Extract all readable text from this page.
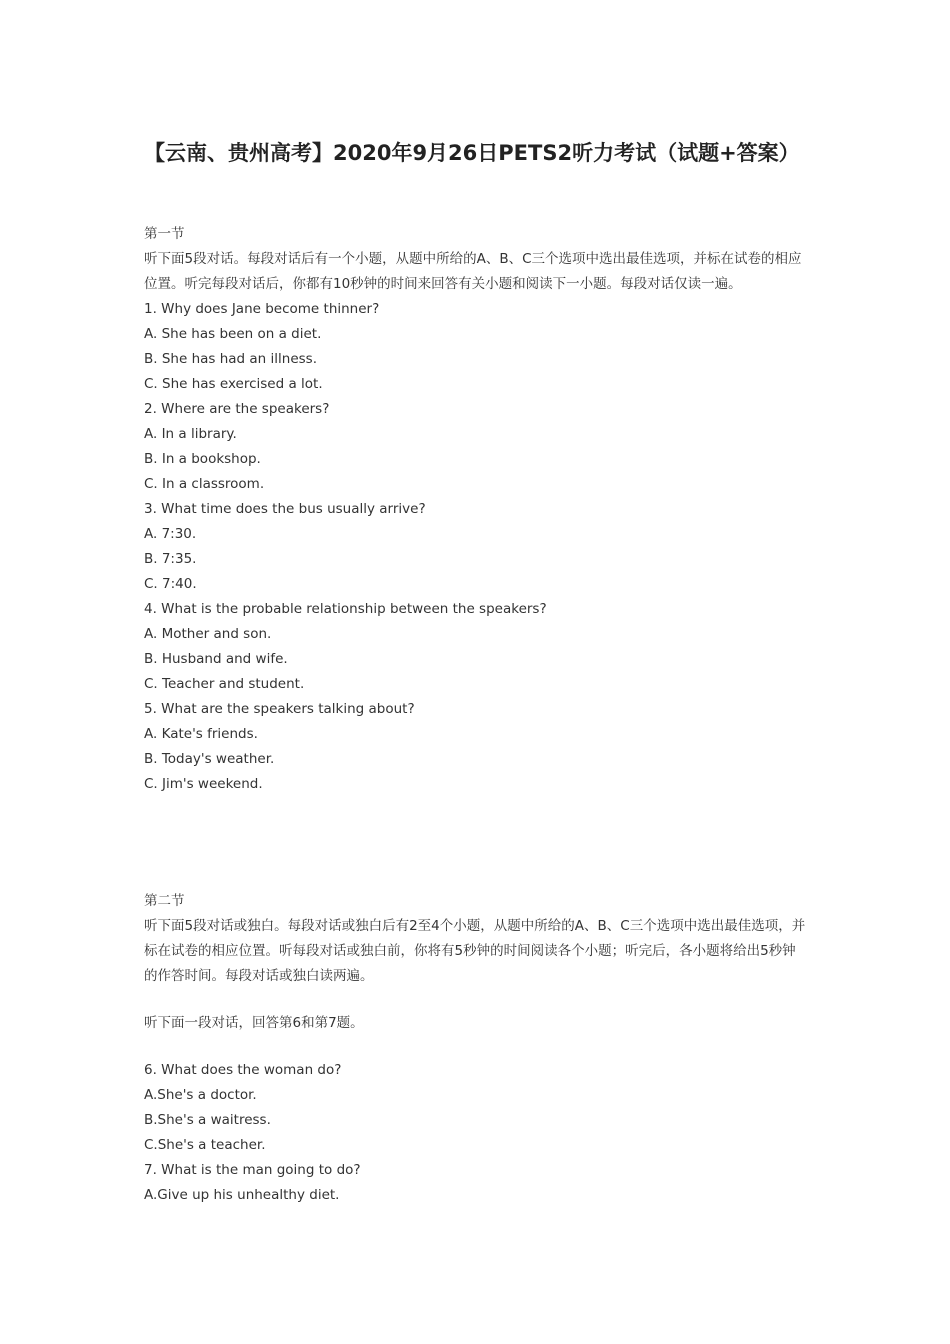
【云南、贵州高考】2020年9月26日PETS2听力考试（试题+答案）
第一节
听下面5段对话。每段对话后有一个小题，从题中所给的A、B、C三个选项中选出最佳选项，并标在试卷的相应位置。听完每段对话后，你都有10秒钟的时间来回答有关小题和阅读下一小题。每段对话仅读一遍。
1. Why does Jane become thinner?
A. She has been on a diet.
B. She has had an illness.
C. She has exercised a lot.
2. Where are the speakers?
A. In a library.
B. In a bookshop.
C. In a classroom.
3. What time does the bus usually arrive?
A. 7:30.
B. 7:35.
C. 7:40.
4. What is the probable relationship between the speakers?
A. Mother and son.
B. Husband and wife.
C. Teacher and student.
5. What are the speakers talking about?
A. Kate's friends.
B. Today's weather.
C. Jim's weekend.
第二节
听下面5段对话或独白。每段对话或独白后有2至4个小题，从题中所给的A、B、C三个选项中选出最佳选项，并标在试卷的相应位置。听每段对话或独白前，你将有5秒钟的时间阅读各个小题；听完后，各小题将给出5秒钟的作答时间。每段对话或独白读两遍。
听下面一段对话，回答第6和第7题。
6. What does the woman do?
A.She's a doctor.
B.She's a waitress.
C.She's a teacher.
7. What is the man going to do?
A.Give up his unhealthy diet.
